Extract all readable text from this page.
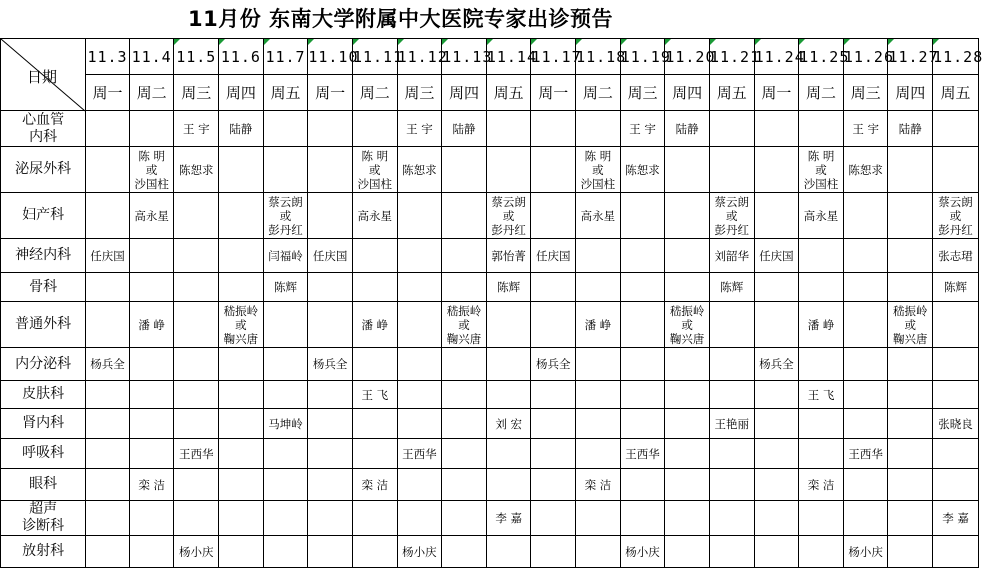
11月份 东南大学附属中大医院专家出诊预告
日期	11.3	11.4	11.5	11.6	11.7	11.10	11.11	11.12	11.13	11.14	11.17	11.18	11.19	11.20	11.21	11.24	11.25	11.26	11.27	11.28
	周一	周二	周三	周四	周五	周一	周二	周三	周四	周五	周一	周二	周三	周四	周五	周一	周二	周三	周四	周五

心血管
内科			王 宇	陆静				王 宇	陆静				王 宇	陆静				王 宇	陆静	

泌尿外科		陈 明
或
沙国柱	陈恕求				陈 明
或
沙国柱	陈恕求				陈 明
或
沙国柱	陈恕求				陈 明
或
沙国柱	陈恕求		

妇产科		高永星			蔡云朗
或
彭丹红		高永星			蔡云朗
或
彭丹红		高永星			蔡云朗
或
彭丹红		高永星			蔡云朗
或
彭丹红

神经内科	任庆国				闫福岭	任庆国				郭怡菁	任庆国				刘韶华	任庆国				张志珺

骨科					陈辉					陈辉					陈辉					陈辉

普通外科		潘 峥		嵇振岭
或
鞠兴唐			潘 峥		嵇振岭
或
鞠兴唐			潘 峥		嵇振岭
或
鞠兴唐			潘 峥		嵇振岭
或
鞠兴唐	

内分泌科	杨兵全					杨兵全					杨兵全					杨兵全				

皮肤科							王 飞										王 飞			

肾内科					马坤岭					刘 宏					王艳丽					张晓良

呼吸科			王西华					王西华					王西华					王西华		

眼科		栾 洁					栾 洁					栾 洁					栾 洁			

超声
诊断科										李 嘉										李 嘉

放射科			杨小庆					杨小庆					杨小庆					杨小庆		
